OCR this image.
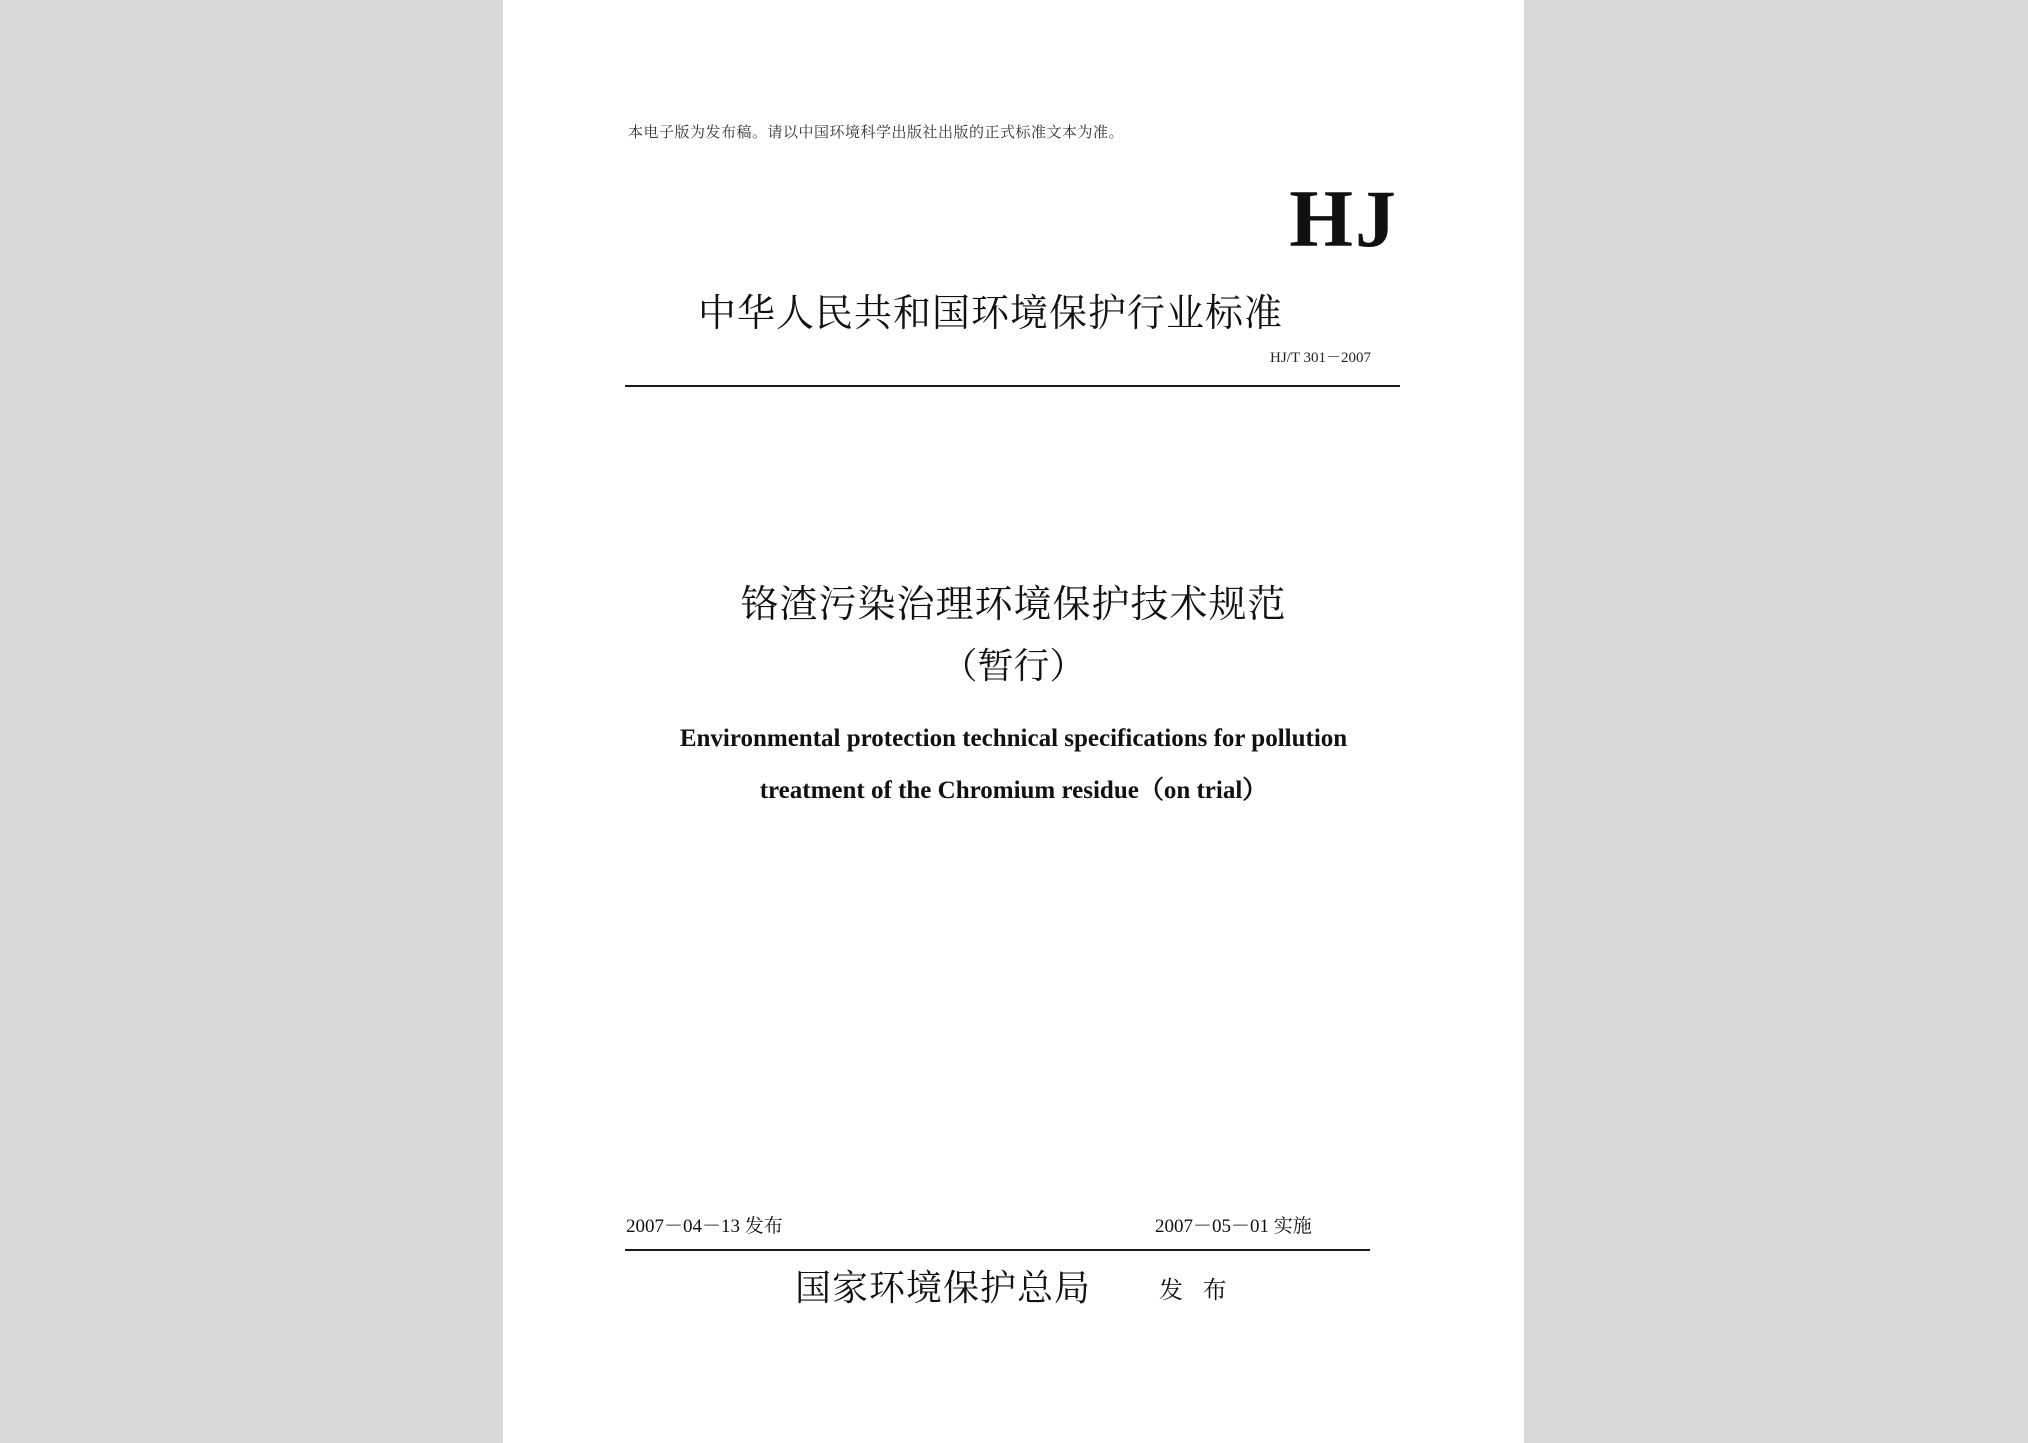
本电子版为发布稿。请以中国环境科学出版社出版的正式标准文本为准。
HJ
中华人民共和国环境保护行业标准
HJ/T 301－2007
铬渣污染治理环境保护技术规范
（暂行）
Environmental protection technical specifications for pollution
treatment of the Chromium residue（on trial）
2007－04－13 发布	2007－05－01 实施
国家环境保护总局	发 布
